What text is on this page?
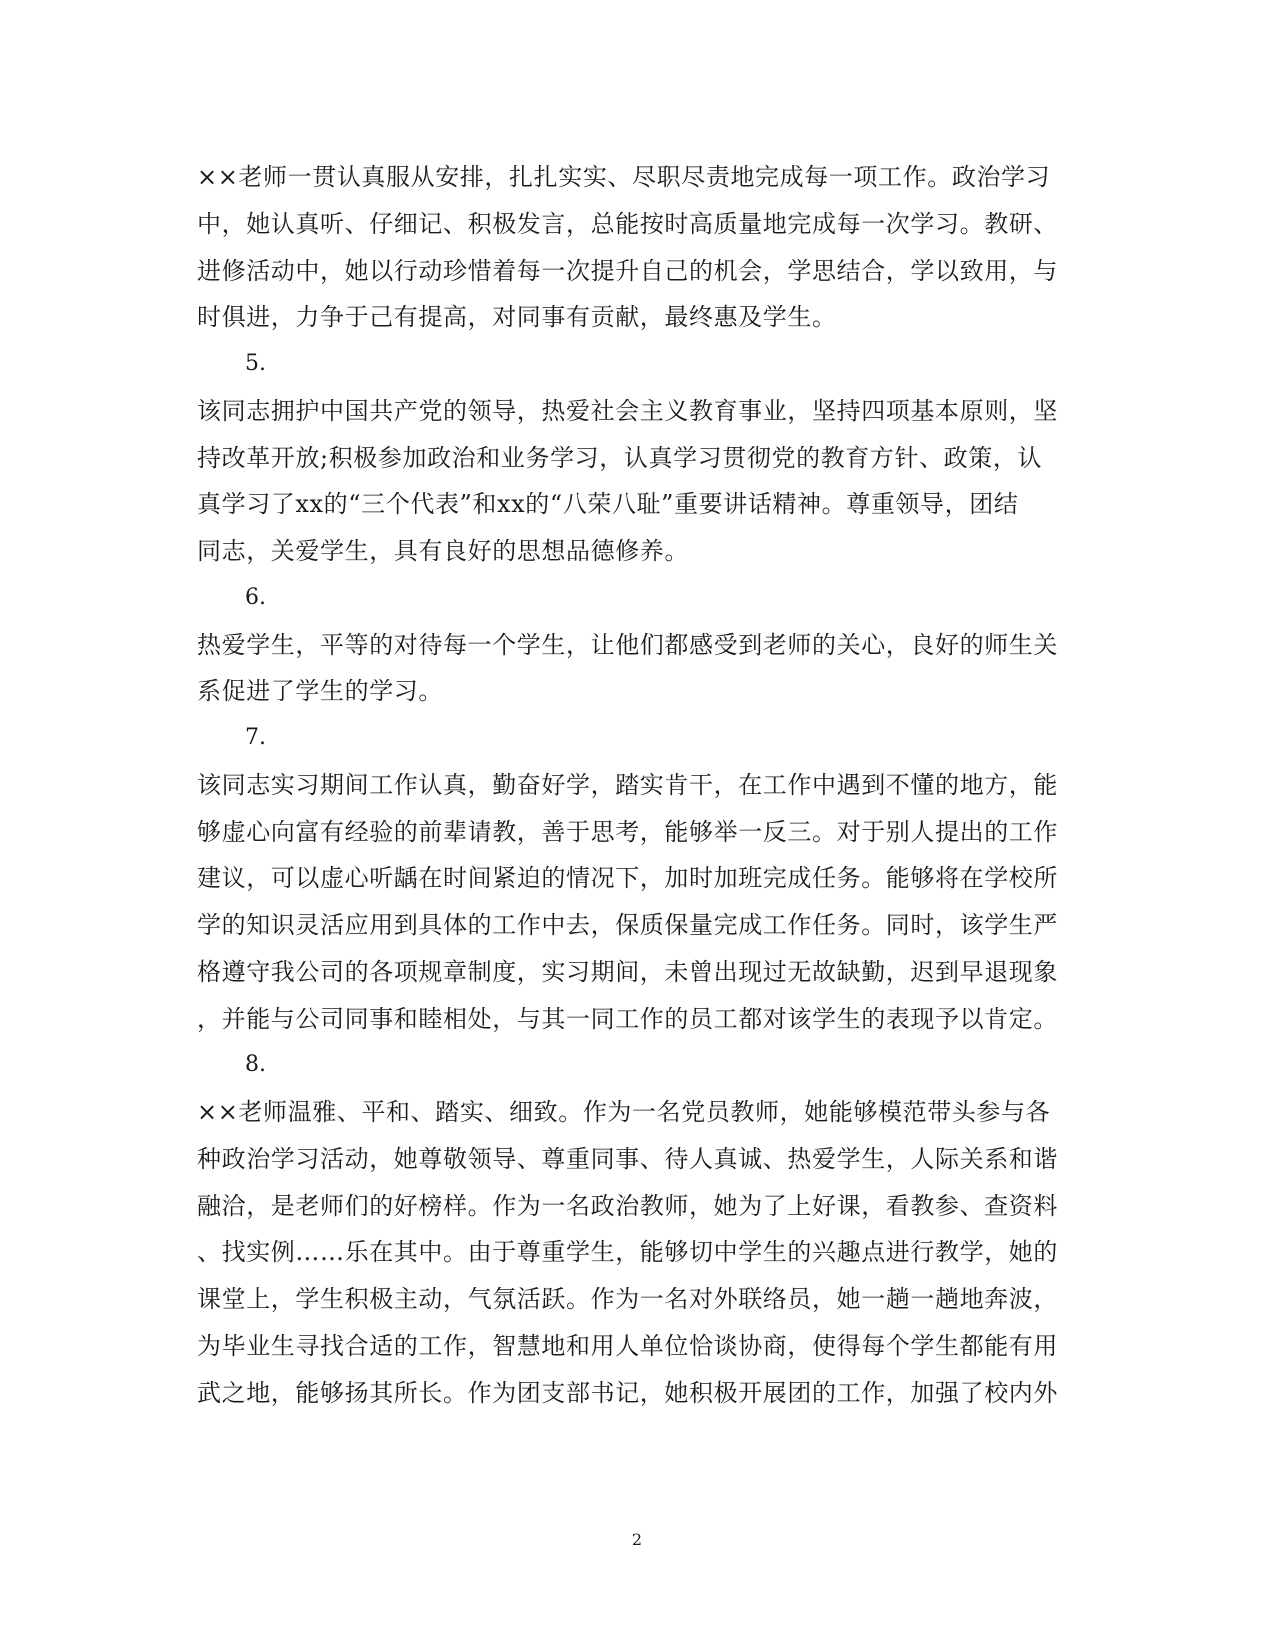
××老师一贯认真服从安排，扎扎实实、尽职尽责地完成每一项工作。政治学习
中，她认真听、仔细记、积极发言，总能按时高质量地完成每一次学习。教研、
进修活动中，她以行动珍惜着每一次提升自己的机会，学思结合，学以致用，与
时俱进，力争于己有提高，对同事有贡献，最终惠及学生。
5.
该同志拥护中国共产党的领导，热爱社会主义教育事业，坚持四项基本原则，坚
持改革开放;积极参加政治和业务学习，认真学习贯彻党的教育方针、政策，认
真学习了xx的“三个代表”和xx的“八荣八耻”重要讲话精神。尊重领导，团结
同志，关爱学生，具有良好的思想品德修养。
6.
热爱学生，平等的对待每一个学生，让他们都感受到老师的关心，良好的师生关
系促进了学生的学习。
7.
该同志实习期间工作认真，勤奋好学，踏实肯干，在工作中遇到不懂的地方，能
够虚心向富有经验的前辈请教，善于思考，能够举一反三。对于别人提出的工作
建议，可以虚心听龋在时间紧迫的情况下，加时加班完成任务。能够将在学校所
学的知识灵活应用到具体的工作中去，保质保量完成工作任务。同时，该学生严
格遵守我公司的各项规章制度，实习期间，未曾出现过无故缺勤，迟到早退现象
，并能与公司同事和睦相处，与其一同工作的员工都对该学生的表现予以肯定。
8.
××老师温雅、平和、踏实、细致。作为一名党员教师，她能够模范带头参与各
种政治学习活动，她尊敬领导、尊重同事、待人真诚、热爱学生，人际关系和谐
融洽，是老师们的好榜样。作为一名政治教师，她为了上好课，看教参、查资料
、找实例……乐在其中。由于尊重学生，能够切中学生的兴趣点进行教学，她的
课堂上，学生积极主动，气氛活跃。作为一名对外联络员，她一趟一趟地奔波，
为毕业生寻找合适的工作，智慧地和用人单位恰谈协商，使得每个学生都能有用
武之地，能够扬其所长。作为团支部书记，她积极开展团的工作，加强了校内外
2
